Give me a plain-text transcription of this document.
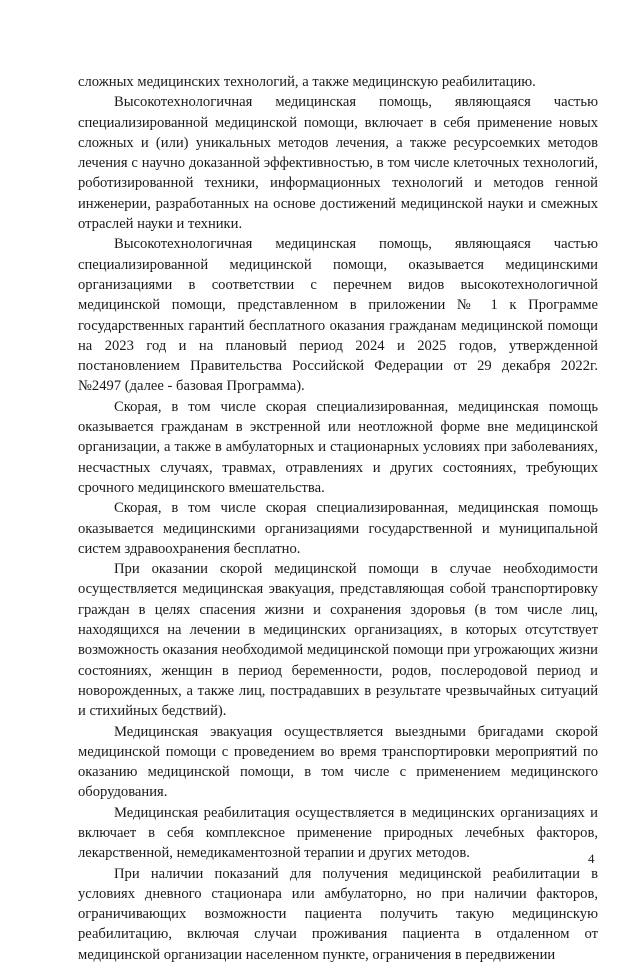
сложных медицинских технологий, а также медицинскую реабилитацию.

Высокотехнологичная медицинская помощь, являющаяся частью специализированной медицинской помощи, включает в себя применение новых сложных и (или) уникальных методов лечения, а также ресурсоемких методов лечения с научно доказанной эффективностью, в том числе клеточных технологий, роботизированной техники, информационных технологий и методов генной инженерии, разработанных на основе достижений медицинской науки и смежных отраслей науки и техники.

Высокотехнологичная медицинская помощь, являющаяся частью специализированной медицинской помощи, оказывается медицинскими организациями в соответствии с перечнем видов высокотехнологичной медицинской помощи, представленном в приложении № 1 к Программе государственных гарантий бесплатного оказания гражданам медицинской помощи на 2023 год и на плановый период 2024 и 2025 годов, утвержденной постановлением Правительства Российской Федерации от 29 декабря 2022г. №2497 (далее - базовая Программа).

Скорая, в том числе скорая специализированная, медицинская помощь оказывается гражданам в экстренной или неотложной форме вне медицинской организации, а также в амбулаторных и стационарных условиях при заболеваниях, несчастных случаях, травмах, отравлениях и других состояниях, требующих срочного медицинского вмешательства.

Скорая, в том числе скорая специализированная, медицинская помощь оказывается медицинскими организациями государственной и муниципальной систем здравоохранения бесплатно.

При оказании скорой медицинской помощи в случае необходимости осуществляется медицинская эвакуация, представляющая собой транспортировку граждан в целях спасения жизни и сохранения здоровья (в том числе лиц, находящихся на лечении в медицинских организациях, в которых отсутствует возможность оказания необходимой медицинской помощи при угрожающих жизни состояниях, женщин в период беременности, родов, послеродовой период и новорожденных, а также лиц, пострадавших в результате чрезвычайных ситуаций и стихийных бедствий).

Медицинская эвакуация осуществляется выездными бригадами скорой медицинской помощи с проведением во время транспортировки мероприятий по оказанию медицинской помощи, в том числе с применением медицинского оборудования.

Медицинская реабилитация осуществляется в медицинских организациях и включает в себя комплексное применение природных лечебных факторов, лекарственной, немедикаментозной терапии и других методов.

При наличии показаний для получения медицинской реабилитации в условиях дневного стационара или амбулаторно, но при наличии факторов, ограничивающих возможности пациента получить такую медицинскую реабилитацию, включая случаи проживания пациента в отдаленном от медицинской организации населенном пункте, ограничения в передвижении

4
